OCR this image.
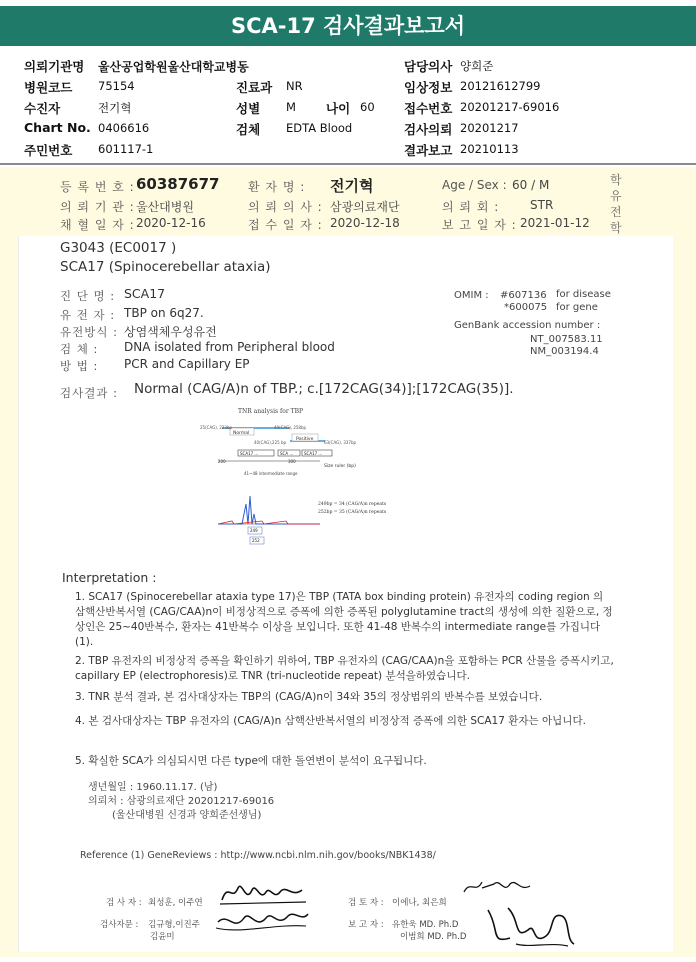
SCA-17 검사결과보고서
의뢰기관명 울산공업학원울산대학교병동	담당의사 양희준
병원코드 75154	진료과 NR	임상정보 20121612799
수진자	전기혁	성별 M 나이 60 접수번호 20201217-69016
Chart No. 0406616	검체 EDTA Blood	검사의뢰 20201217
주민번호 601117-1	결과보고 20210113
등 록 번 호 : 60387677 환 자 명 : 전기혁	Age / Sex : 60 / M
의 뢰 기 관 : 울산대병원	의 뢰 의 사 : 삼광의료재단	의 뢰 회 :	STR
채 혈 일 자 : 2020-12-16	접 수 일 자 : 2020-12-18	보 고 일 자 : 2021-01-12
학
유
전
학
G3043 (EC0017 )
SCA17 (Spinocerebellar ataxia)
진 단 명 : SCA17
유 전 자 : TBP on 6q27.
유전방식 : 상염색체우성유전
검 체 : DNA isolated from Peripheral blood
방 법 : PCR and Capillary EP
OMIM : #607136 for disease
*600075 for gene
GenBank accession number :
NT_007583.11
NM_003194.4
검사결과 : Normal (CAG/A)n of TBP.; c.[172CAG(34)];[172CAG(35)].
TNR analysis for TBP
Normal
Positive
25(CAG), 223bp	40(CAG), 258bp
40(CAG),225 bp	63(CAG), 337bp
SCA17 ...	SCA ...	SCA17 ...
200	300
Size ruler (bp)
41~48 intermediate range
249bp = 34 (CAG/A)n repeats
252bp = 35 (CAG/A)n repeats
249
252
Interpretation :
1. SCA17 (Spinocerebellar ataxia type 17)은 TBP (TATA box binding protein) 유전자의 coding region 의 삼핵산반복서열 (CAG/CAA)n이 비정상적으로 증폭에 의한 증폭된 polyglutamine tract의 생성에 의한 질환으로, 정상인은 25~40반복수, 환자는 41반복수 이상을 보입니다. 또한 41-48 반복수의 intermediate range를 가집니다 (1).
2. TBP 유전자의 비정상적 증폭을 확인하기 위하여, TBP 유전자의 (CAG/CAA)n을 포함하는 PCR 산물을 증폭시키고, capillary EP (electrophoresis)로 TNR (tri-nucleotide repeat) 분석을하였습니다.
3. TNR 분석 결과, 본 검사대상자는 TBP의 (CAG/A)n이 34와 35의 정상범위의 반복수를 보였습니다.
4. 본 검사대상자는 TBP 유전자의 (CAG/A)n 삼핵산반복서열의 비정상적 증폭에 의한 SCA17 환자는 아닙니다.
5. 확실한 SCA가 의심되시면 다른 type에 대한 돌연변이 분석이 요구됩니다.
생년월일 : 1960.11.17. (남)
의뢰처 : 삼광의료재단 20201217-69016
(울산대병원 신경과 양희준선생님)
Reference (1) GeneReviews : http://www.ncbi.nlm.nih.gov/books/NBK1438/
검 사 자 : 최성훈, 이주연	검 토 자 : 이에나, 최은희
검사자문 : 김규형,이진주
김윤미
보 고 자 : 유한욱 MD. Ph.D
이범희 MD. Ph.D
